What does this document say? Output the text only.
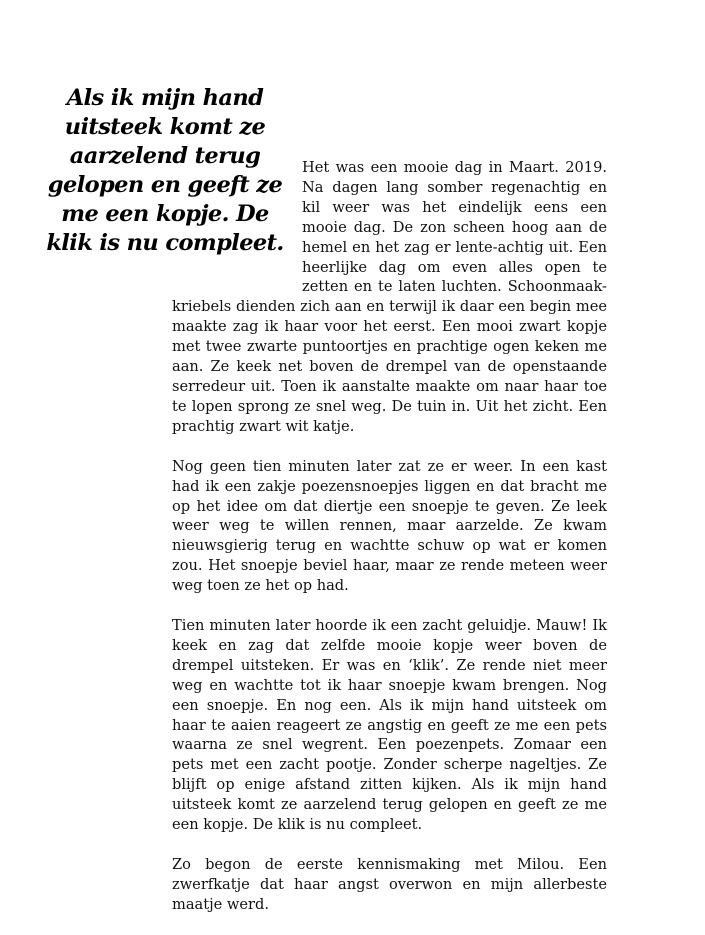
Als ik mijn hand uitsteek komt ze aarzelend terug gelopen en geeft ze me een kopje. De klik is nu compleet.

Het was een mooie dag in Maart. 2019. Na dagen lang somber regenachtig en kil weer was het eindelijk eens een mooie dag. De zon scheen hoog aan de hemel en het zag er lente-achtig uit. Een heerlijke dag om even alles open te zetten en te laten luchten. Schoonmaak-kriebels dienden zich aan en terwijl ik daar een begin mee maakte zag ik haar voor het eerst. Een mooi zwart kopje met twee zwarte puntoortjes en prachtige ogen keken me aan. Ze keek net boven de drempel van de openstaande serredeur uit. Toen ik aanstalte maakte om naar haar toe te lopen sprong ze snel weg. De tuin in. Uit het zicht. Een prachtig zwart wit katje.

Nog geen tien minuten later zat ze er weer. In een kast had ik een zakje poezensnoepjes liggen en dat bracht me op het idee om dat diertje een snoepje te geven. Ze leek weer weg te willen rennen, maar aarzelde. Ze kwam nieuwsgierig terug en wachtte schuw op wat er komen zou. Het snoepje beviel haar, maar ze rende meteen weer weg toen ze het op had.

Tien minuten later hoorde ik een zacht geluidje. Mauw! Ik keek en zag dat zelfde mooie kopje weer boven de drempel uitsteken. Er was en ‘klik’. Ze rende niet meer weg en wachtte tot ik haar snoepje kwam brengen. Nog een snoepje. En nog een. Als ik mijn hand uitsteek om haar te aaien reageert ze angstig en geeft ze me een pets waarna ze snel wegrent. Een poezenpets. Zomaar een pets met een zacht pootje. Zonder scherpe nageltjes. Ze blijft op enige afstand zitten kijken. Als ik mijn hand uitsteek komt ze aarzelend terug gelopen en geeft ze me een kopje. De klik is nu compleet.

Zo begon de eerste kennismaking met Milou. Een zwerfkatje dat haar angst overwon en mijn allerbeste maatje werd.
